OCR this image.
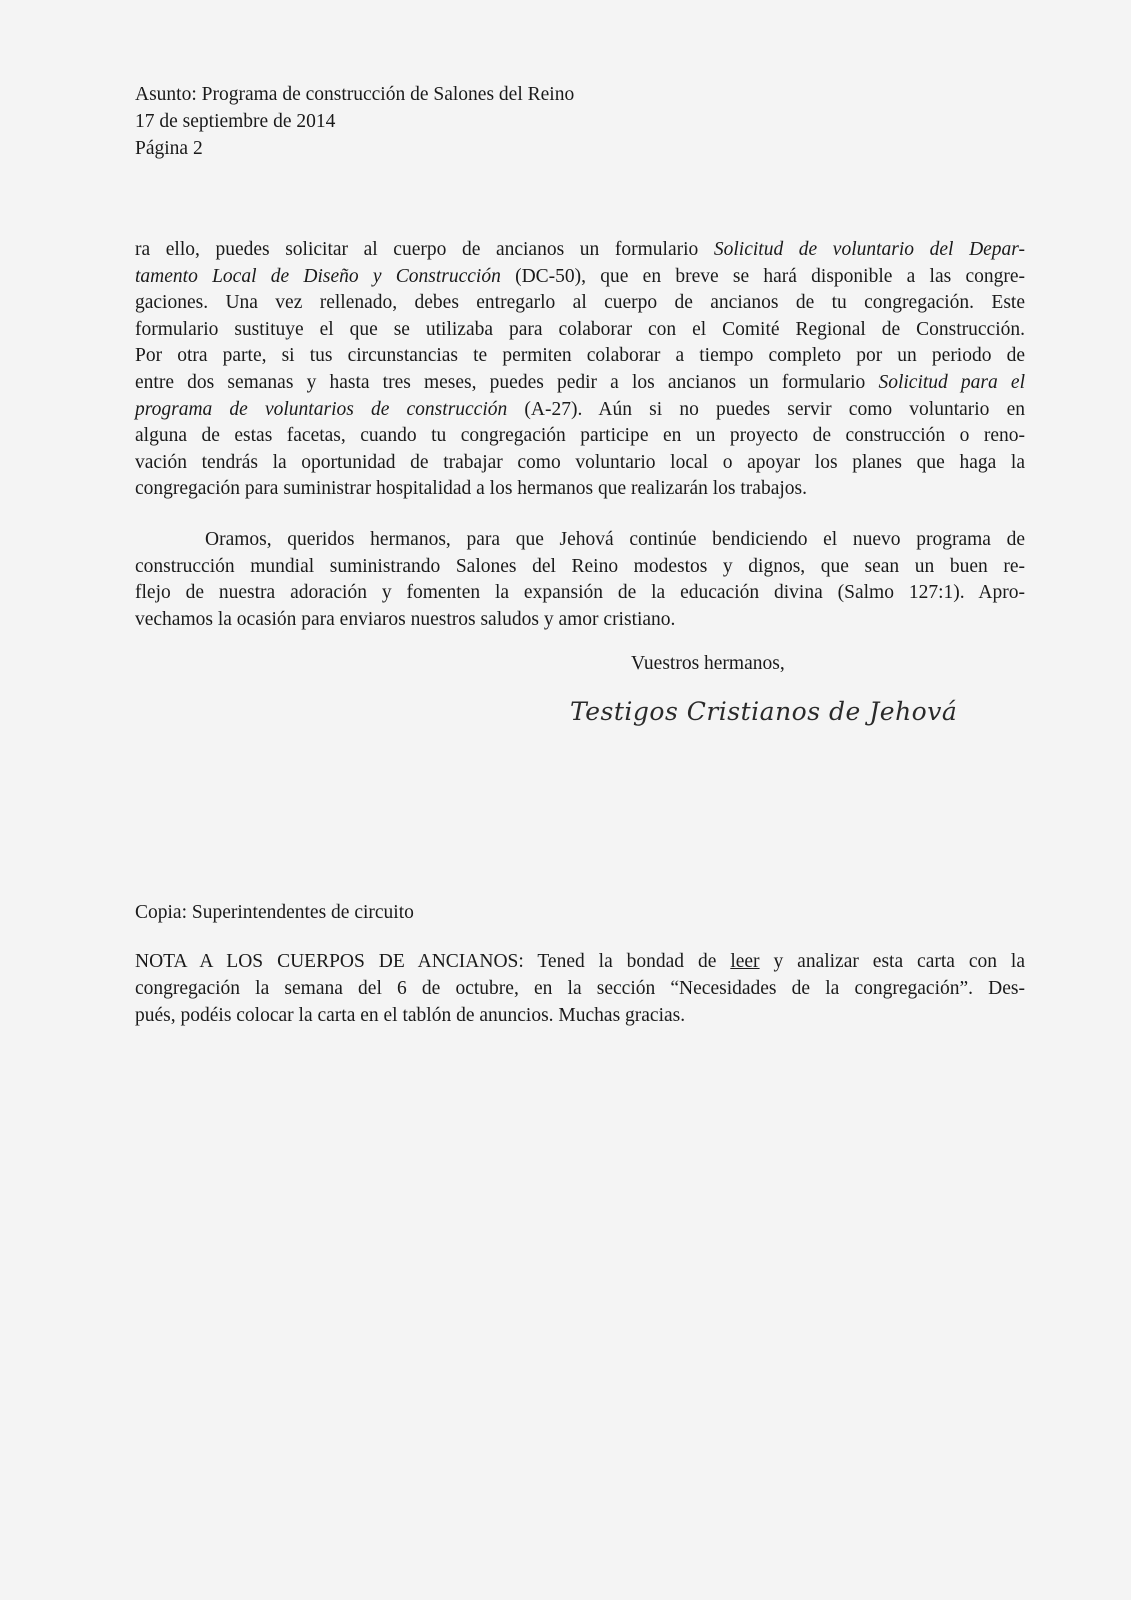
Asunto: Programa de construcción de Salones del Reino
17 de septiembre de 2014
Página 2
ra ello, puedes solicitar al cuerpo de ancianos un formulario Solicitud de voluntario del Depar-
tamento Local de Diseño y Construcción (DC-50), que en breve se hará disponible a las congre-
gaciones. Una vez rellenado, debes entregarlo al cuerpo de ancianos de tu congregación. Este
formulario sustituye el que se utilizaba para colaborar con el Comité Regional de Construcción.
Por otra parte, si tus circunstancias te permiten colaborar a tiempo completo por un periodo de
entre dos semanas y hasta tres meses, puedes pedir a los ancianos un formulario Solicitud para el
programa de voluntarios de construcción (A-27). Aún si no puedes servir como voluntario en
alguna de estas facetas, cuando tu congregación participe en un proyecto de construcción o reno-
vación tendrás la oportunidad de trabajar como voluntario local o apoyar los planes que haga la
congregación para suministrar hospitalidad a los hermanos que realizarán los trabajos.
Oramos, queridos hermanos, para que Jehová continúe bendiciendo el nuevo programa de
construcción mundial suministrando Salones del Reino modestos y dignos, que sean un buen re-
flejo de nuestra adoración y fomenten la expansión de la educación divina (Salmo 127:1). Apro-
vechamos la ocasión para enviaros nuestros saludos y amor cristiano.
Vuestros hermanos,
Testigos Cristianos de Jehová
Copia: Superintendentes de circuito
NOTA A LOS CUERPOS DE ANCIANOS: Tened la bondad de leer y analizar esta carta con la
congregación la semana del 6 de octubre, en la sección “Necesidades de la congregación”. Des-
pués, podéis colocar la carta en el tablón de anuncios. Muchas gracias.
